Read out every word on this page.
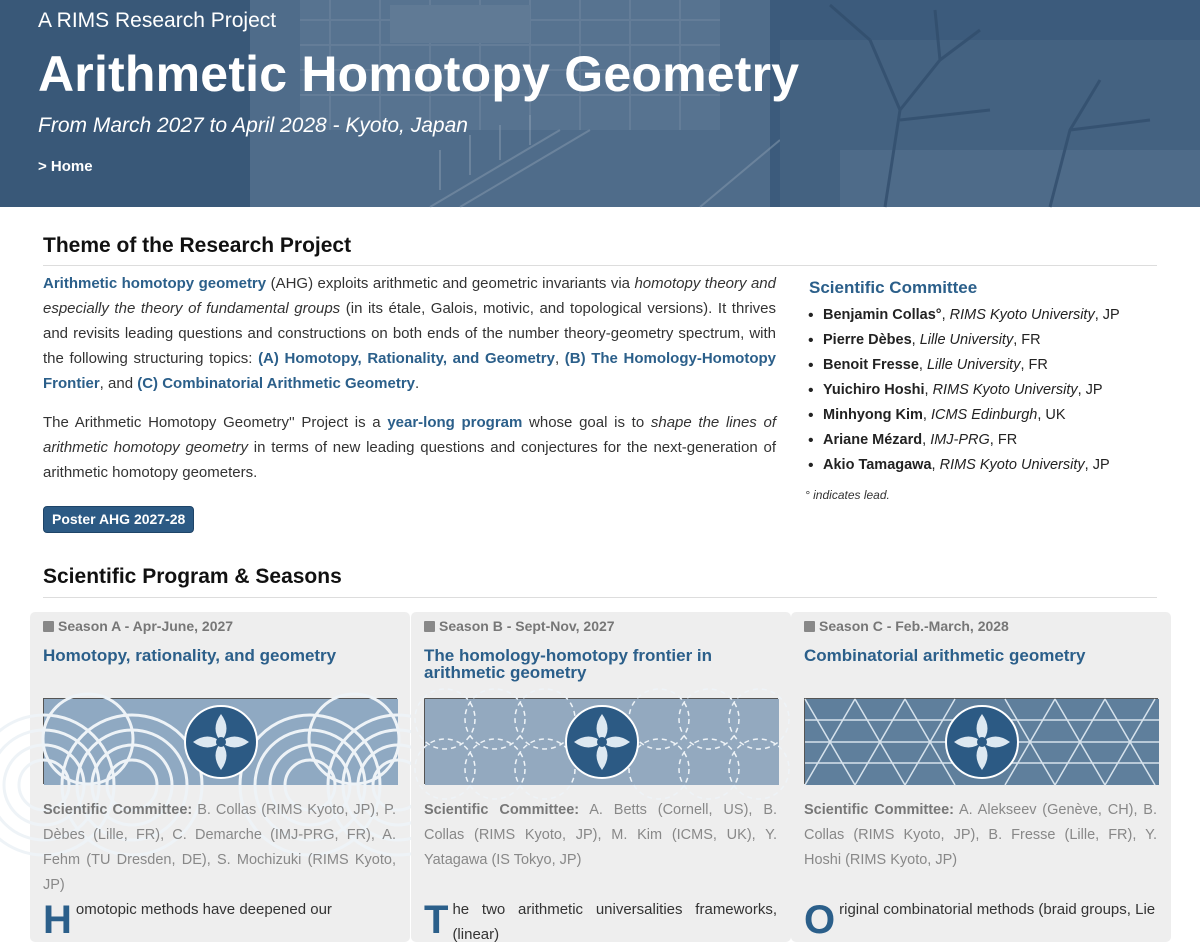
A RIMS Research Project
Arithmetic Homotopy Geometry
From March 2027 to April 2028 - Kyoto, Japan
> Home
Theme of the Research Project

Arithmetic homotopy geometry (AHG) exploits arithmetic and geometric invariants via homotopy theory and especially the theory of fundamental groups (in its étale, Galois, motivic, and topological versions). It thrives and revisits leading questions and constructions on both ends of the number theory-geometry spectrum, with the following structuring topics: (A) Homotopy, Rationality, and Geometry, (B) The Homology-Homotopy Frontier, and (C) Combinatorial Arithmetic Geometry.

The Arithmetic Homotopy Geometry'' Project is a year-long program whose goal is to shape the lines of arithmetic homotopy geometry in terms of new leading questions and conjectures for the next-generation of arithmetic homotopy geometers.

Poster AHG 2027-28
Scientific Committee
• Benjamin Collas°, RIMS Kyoto University, JP
• Pierre Dèbes, Lille University, FR
• Benoit Fresse, Lille University, FR
• Yuichiro Hoshi, RIMS Kyoto University, JP
• Minhyong Kim, ICMS Edinburgh, UK
• Ariane Mézard, IMJ-PRG, FR
• Akio Tamagawa, RIMS Kyoto University, JP
° indicates lead.
Scientific Program & Seasons
Season A - Apr-June, 2027
Homotopy, rationality, and geometry
Scientific Committee: B. Collas (RIMS Kyoto, JP), P. Dèbes (Lille, FR), C. Demarche (IMJ-PRG, FR), A. Fehm (TU Dresden, DE), S. Mochizuki (RIMS Kyoto, JP)
Homotopic methods have deepened our
Season B - Sept-Nov, 2027
The homology-homotopy frontier in arithmetic geometry
Scientific Committee: A. Betts (Cornell, US), B. Collas (RIMS Kyoto, JP), M. Kim (ICMS, UK), Y. Yatagawa (IS Tokyo, JP)
The two arithmetic universalities frameworks, (linear)
Season C - Feb.-March, 2028
Combinatorial arithmetic geometry
Scientific Committee: A. Alekseev (Genève, CH), B. Collas (RIMS Kyoto, JP), B. Fresse (Lille, FR), Y. Hoshi (RIMS Kyoto, JP)
Original combinatorial methods (braid groups, Lie
